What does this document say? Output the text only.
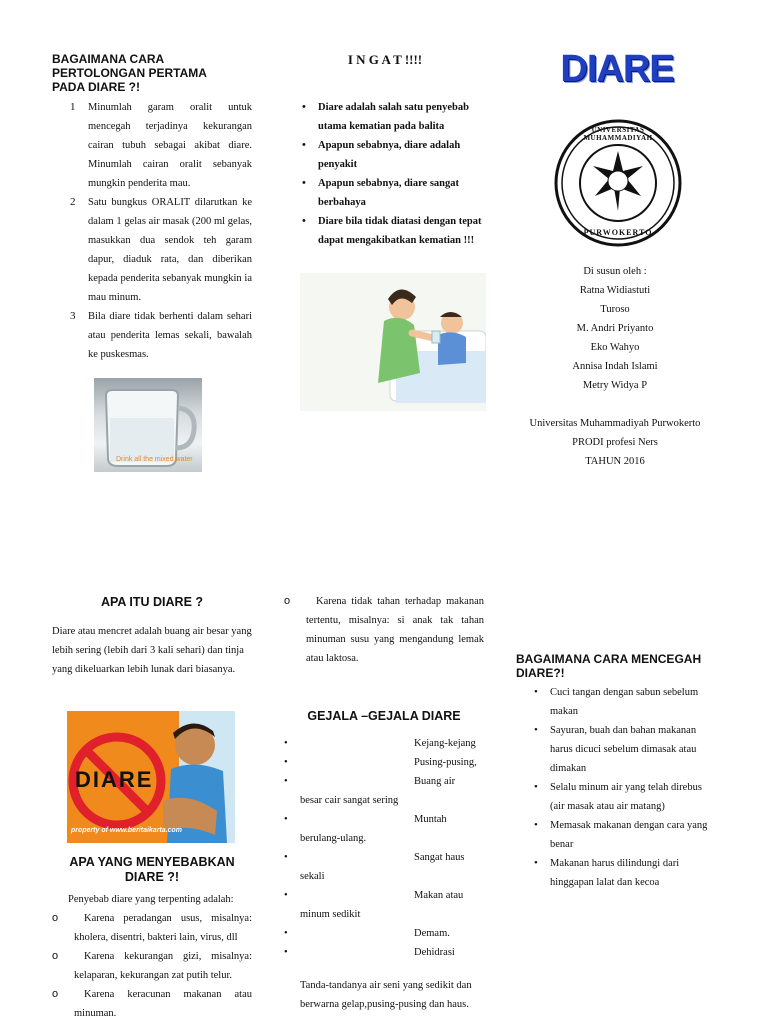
BAGAIMANA CARA PERTOLONGAN PERTAMA PADA DIARE ?!
1 Minumlah garam oralit untuk mencegah terjadinya kekurangan cairan tubuh sebagai akibat diare. Minumlah cairan oralit sebanyak mungkin penderita mau.
2 Satu bungkus ORALIT dilarutkan ke dalam 1 gelas air masak (200 ml gelas, masukkan dua sendok teh garam dapur, diaduk rata, dan diberikan kepada penderita sebanyak mungkin ia mau minum.
3 Bila diare tidak berhenti dalam sehari atau penderita lemas sekali, bawalah ke puskesmas.
Drink all the mixed water
I N G A T !!!!
• Diare adalah salah satu penyebab utama kematian pada balita
• Apapun sebabnya, diare adalah penyakit
• Apapun sebabnya, diare sangat berbahaya
• Diare bila tidak diatasi dengan tepat dapat mengakibatkan kematian !!!
DIARE
UNIVERSITAS MUHAMMADIYAH
PURWOKERTO
Di susun oleh :
Ratna Widiastuti
Turoso
M. Andri Priyanto
Eko Wahyo
Annisa Indah Islami
Metry Widya P
Universitas Muhammadiyah Purwokerto
PRODI profesi Ners
TAHUN 2016
APA ITU DIARE ?
Diare atau mencret adalah buang air besar yang lebih sering (lebih dari 3 kali sehari) dan tinja yang dikeluarkan lebih lunak dari biasanya.
DIARE
property of www.beritaikarta.com
APA YANG MENYEBABKAN DIARE ?!
Penyebab diare yang terpenting adalah:
o Karena peradangan usus, misalnya: kholera, disentri, bakteri lain, virus, dll
o Karena kekurangan gizi, misalnya: kelaparan, kekurangan zat putih telur.
o Karena keracunan makanan atau minuman.
o Karena tidak tahan terhadap makanan tertentu, misalnya: si anak tak tahan minuman susu yang mengandung lemak atau laktosa.
GEJALA –GEJALA DIARE
•	Kejang-kejang
•	Pusing-pusing,
•	Buang air
besar cair sangat sering
•	Muntah
berulang-ulang.
•	Sangat haus
sekali
•	Makan atau
minum sedikit
•	Demam.
•	Dehidrasi
Tanda-tandanya air seni yang sedikit dan berwarna gelap,pusing-pusing dan haus.
BAGAIMANA CARA MENCEGAH DIARE?!
• Cuci tangan dengan sabun sebelum makan
• Sayuran, buah dan bahan makanan harus dicuci sebelum dimasak atau dimakan
• Selalu minum air yang telah direbus (air masak atau air matang)
• Memasak makanan dengan cara yang benar
• Makanan harus dilindungi dari hinggapan lalat dan kecoa
